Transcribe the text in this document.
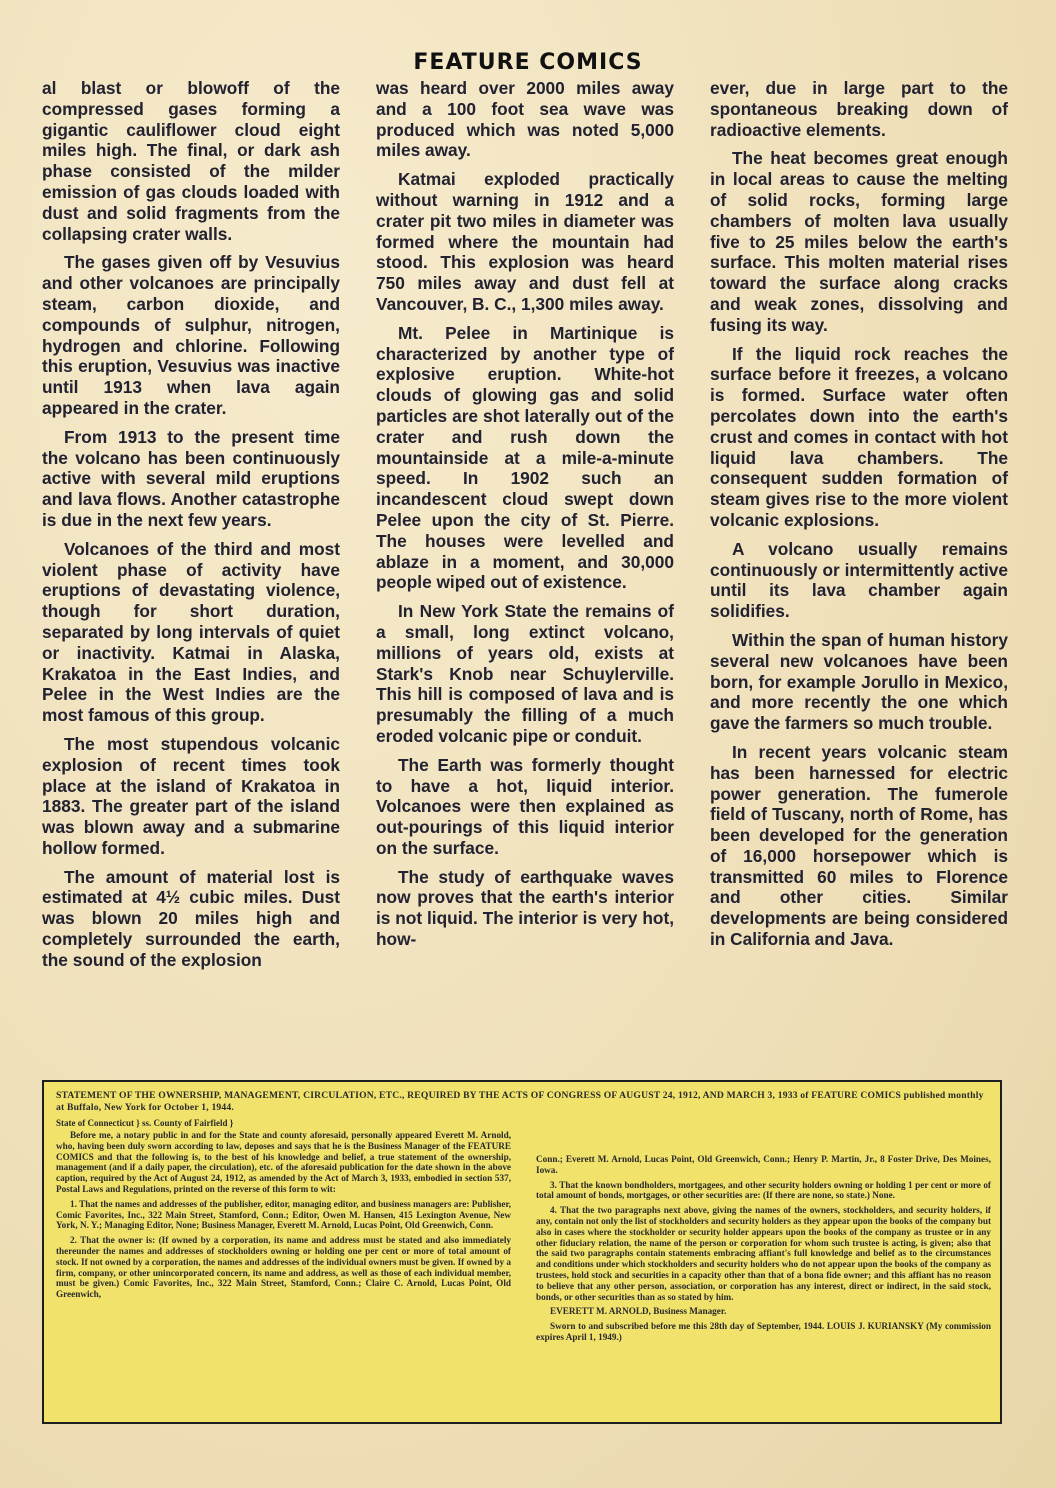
FEATURE COMICS

al blast or blowoff of the compressed gases forming a gigantic cauliflower cloud eight miles high. The final, or dark ash phase consisted of the milder emission of gas clouds loaded with dust and solid fragments from the collapsing crater walls.

The gases given off by Vesuvius and other volcanoes are principally steam, carbon dioxide, and compounds of sulphur, nitrogen, hydrogen and chlorine. Following this eruption, Vesuvius was inactive until 1913 when lava again appeared in the crater.

From 1913 to the present time the volcano has been continuously active with several mild eruptions and lava flows. Another catastrophe is due in the next few years.

Volcanoes of the third and most violent phase of activity have eruptions of devastating violence, though for short duration, separated by long intervals of quiet or inactivity. Katmai in Alaska, Krakatoa in the East Indies, and Pelee in the West Indies are the most famous of this group.

The most stupendous volcanic explosion of recent times took place at the island of Krakatoa in 1883. The greater part of the island was blown away and a submarine hollow formed.

The amount of material lost is estimated at 4½ cubic miles. Dust was blown 20 miles high and completely surrounded the earth, the sound of the explosion

was heard over 2000 miles away and a 100 foot sea wave was produced which was noted 5,000 miles away.

Katmai exploded practically without warning in 1912 and a crater pit two miles in diameter was formed where the mountain had stood. This explosion was heard 750 miles away and dust fell at Vancouver, B. C., 1,300 miles away.

Mt. Pelee in Martinique is characterized by another type of explosive eruption. White-hot clouds of glowing gas and solid particles are shot laterally out of the crater and rush down the mountainside at a mile-a-minute speed. In 1902 such an incandescent cloud swept down Pelee upon the city of St. Pierre. The houses were levelled and ablaze in a moment, and 30,000 people wiped out of existence.

In New York State the remains of a small, long extinct volcano, millions of years old, exists at Stark's Knob near Schuylerville. This hill is composed of lava and is presumably the filling of a much eroded volcanic pipe or conduit.

The Earth was formerly thought to have a hot, liquid interior. Volcanoes were then explained as out-pourings of this liquid interior on the surface.

The study of earthquake waves now proves that the earth's interior is not liquid. The interior is very hot, how-

ever, due in large part to the spontaneous breaking down of radioactive elements.

The heat becomes great enough in local areas to cause the melting of solid rocks, forming large chambers of molten lava usually five to 25 miles below the earth's surface. This molten material rises toward the surface along cracks and weak zones, dissolving and fusing its way.

If the liquid rock reaches the surface before it freezes, a volcano is formed. Surface water often percolates down into the earth's crust and comes in contact with hot liquid lava chambers. The consequent sudden formation of steam gives rise to the more violent volcanic explosions.

A volcano usually remains continuously or intermittently active until its lava chamber again solidifies.

Within the span of human history several new volcanoes have been born, for example Jorullo in Mexico, and more recently the one which gave the farmers so much trouble.

In recent years volcanic steam has been harnessed for electric power generation. The fumerole field of Tuscany, north of Rome, has been developed for the generation of 16,000 horsepower which is transmitted 60 miles to Florence and other cities. Similar developments are being considered in California and Java.

STATEMENT OF THE OWNERSHIP, MANAGEMENT, CIRCULATION, ETC., REQUIRED BY THE ACTS OF CONGRESS OF AUGUST 24, 1912, AND MARCH 3, 1933 of FEATURE COMICS published monthly at Buffalo, New York for October 1, 1944.
State of Connecticut } ss. County of Fairfield }

Before me, a notary public in and for the State and county aforesaid, personally appeared Everett M. Arnold, who, having been duly sworn according to law, deposes and says that he is the Business Manager of the FEATURE COMICS and that the following is, to the best of his knowledge and belief, a true statement of the ownership, management (and if a daily paper, the circulation), etc. of the aforesaid publication for the date shown in the above caption, required by the Act of August 24, 1912, as amended by the Act of March 3, 1933, embodied in section 537, Postal Laws and Regulations, printed on the reverse of this form to wit:

1. That the names and addresses of the publisher, editor, managing editor, and business managers are: Publisher, Comic Favorites, Inc., 322 Main Street, Stamford, Conn.; Editor, Owen M. Hansen, 415 Lexington Avenue, New York, N. Y.; Managing Editor, None; Business Manager, Everett M. Arnold, Lucas Point, Old Greenwich, Conn.

2. That the owner is: (If owned by a corporation, its name and address must be stated and also immediately thereunder the names and addresses of stockholders owning or holding one per cent or more of total amount of stock. If not owned by a corporation, the names and addresses of the individual owners must be given. If owned by a firm, company, or other unincorporated concern, its name and address, as well as those of each individual member, must be given.) Comic Favorites, Inc., 322 Main Street, Stamford, Conn.; Claire C. Arnold, Lucas Point, Old Greenwich,

Conn.; Everett M. Arnold, Lucas Point, Old Greenwich, Conn.; Henry P. Martin, Jr., 8 Foster Drive, Des Moines, Iowa.

3. That the known bondholders, mortgagees, and other security holders owning or holding 1 per cent or more of total amount of bonds, mortgages, or other securities are: (If there are none, so state.) None.

4. That the two paragraphs next above, giving the names of the owners, stockholders, and security holders, if any, contain not only the list of stockholders and security holders as they appear upon the books of the company but also in cases where the stockholder or security holder appears upon the books of the company as trustee or in any other fiduciary relation, the name of the person or corporation for whom such trustee is acting, is given; also that the said two paragraphs contain statements embracing affiant's full knowledge and belief as to the circumstances and conditions under which stockholders and security holders who do not appear upon the books of the company as trustees, hold stock and securities in a capacity other than that of a bona fide owner; and this affiant has no reason to believe that any other person, association, or corporation has any interest, direct or indirect, in the said stock, bonds, or other securities than as so stated by him.

EVERETT M. ARNOLD, Business Manager.

Sworn to and subscribed before me this 28th day of September, 1944. LOUIS J. KURIANSKY (My commission expires April 1, 1949.)
